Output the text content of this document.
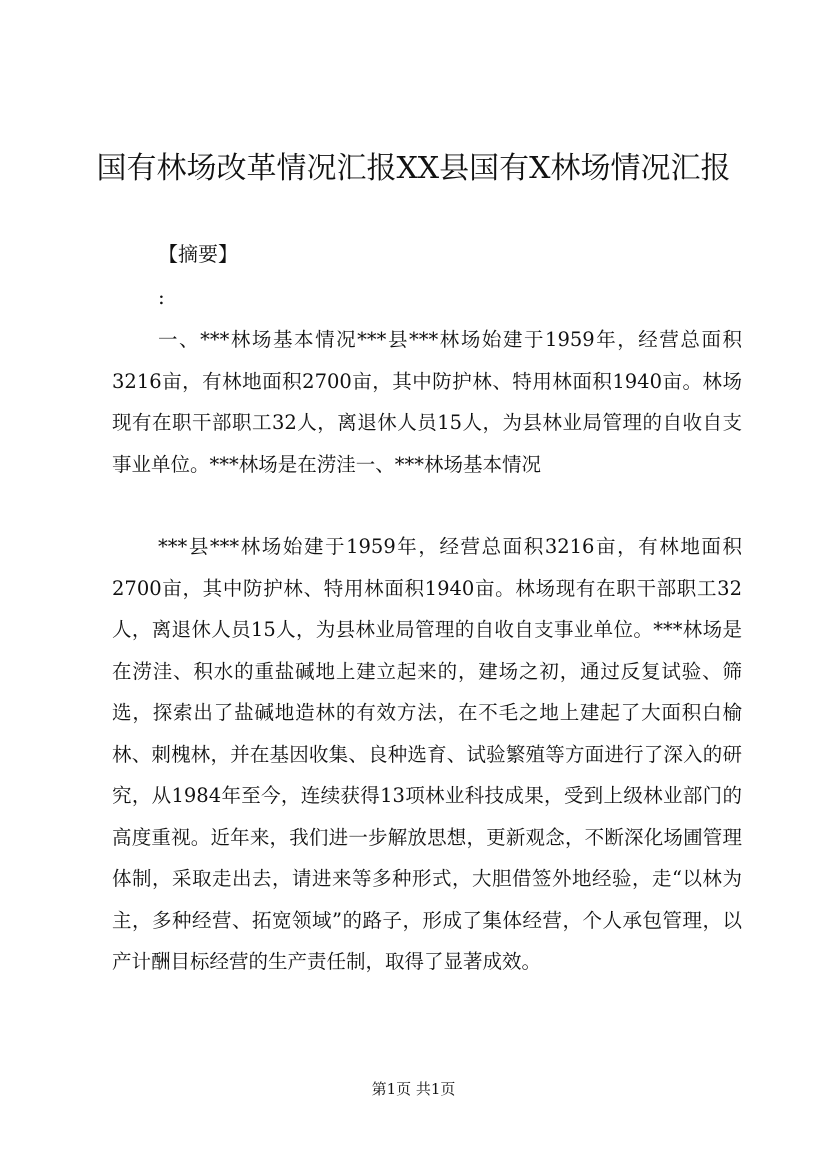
国有林场改革情况汇报XX县国有X林场情况汇报
【摘要】
:
一、***林场基本情况***县***林场始建于1959年，经营总面积3216亩，有林地面积2700亩，其中防护林、特用林面积1940亩。林场现有在职干部职工32人，离退休人员15人，为县林业局管理的自收自支事业单位。***林场是在涝洼一、***林场基本情况
***县***林场始建于1959年，经营总面积3216亩，有林地面积2700亩，其中防护林、特用林面积1940亩。林场现有在职干部职工32人，离退休人员15人，为县林业局管理的自收自支事业单位。***林场是在涝洼、积水的重盐碱地上建立起来的，建场之初，通过反复试验、筛选，探索出了盐碱地造林的有效方法，在不毛之地上建起了大面积白榆林、刺槐林，并在基因收集、良种选育、试验繁殖等方面进行了深入的研究，从1984年至今，连续获得13项林业科技成果，受到上级林业部门的高度重视。近年来，我们进一步解放思想，更新观念，不断深化场圃管理体制，采取走出去，请进来等多种形式，大胆借签外地经验，走“以林为主，多种经营、拓宽领域”的路子，形成了集体经营，个人承包管理，以产计酬目标经营的生产责任制，取得了显著成效。
第1页 共1页
